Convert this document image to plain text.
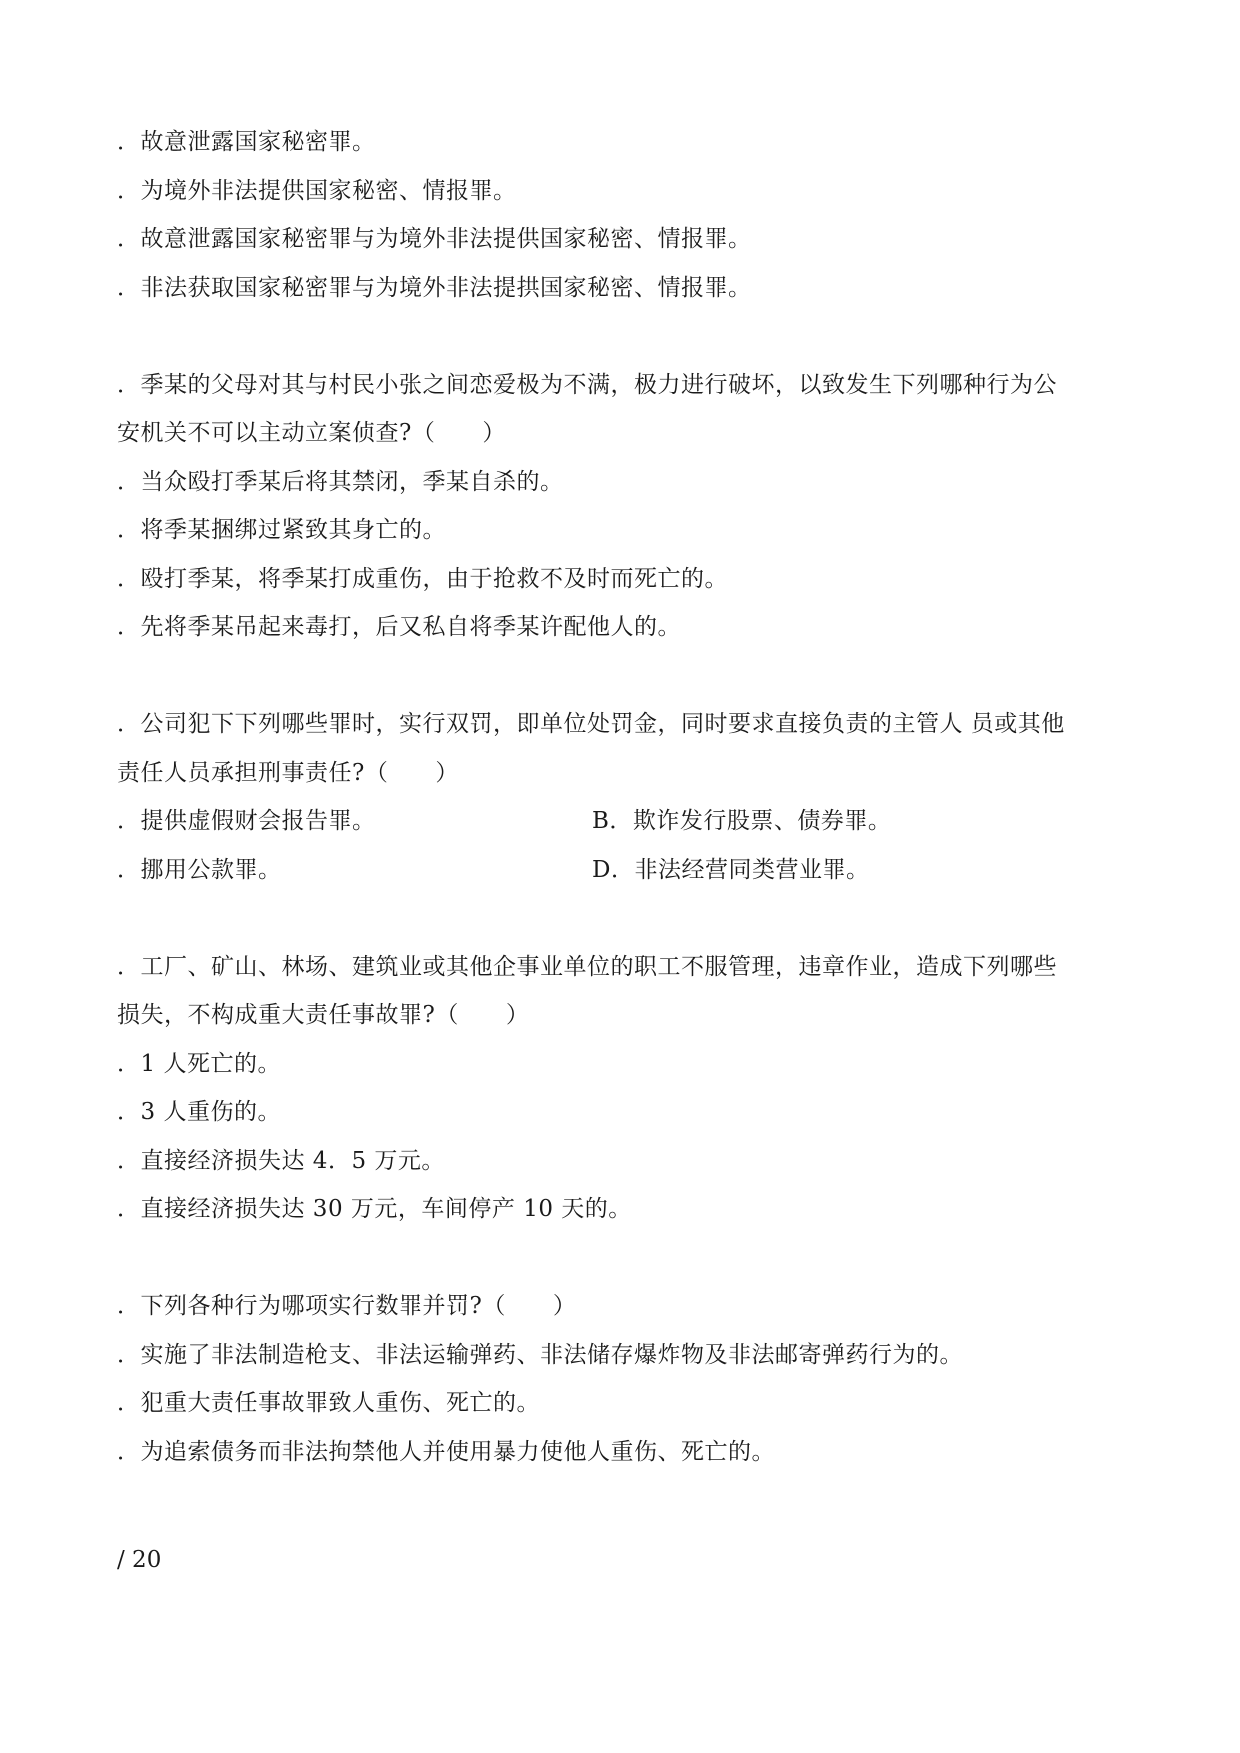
．故意泄露国家秘密罪。
．为境外非法提供国家秘密、情报罪。
．故意泄露国家秘密罪与为境外非法提供国家秘密、情报罪。
．非法获取国家秘密罪与为境外非法提拱国家秘密、情报罪。
．季某的父母对其与村民小张之间恋爱极为不满，极力进行破坏，以致发生下列哪种行为公
安机关不可以主动立案侦查?（　　）
．当众殴打季某后将其禁闭，季某自杀的。
．将季某捆绑过紧致其身亡的。
．殴打季某，将季某打成重伤，由于抢救不及时而死亡的。
．先将季某吊起来毒打，后又私自将季某许配他人的。
．公司犯下下列哪些罪时，实行双罚，即单位处罚金，同时要求直接负责的主管人 员或其他
责任人员承担刑事责任?（　　）
．提供虚假财会报告罪。	B．欺诈发行股票、债券罪。
．挪用公款罪。	D．非法经营同类营业罪。
．工厂、矿山、林场、建筑业或其他企事业单位的职工不服管理，违章作业，造成下列哪些
损失，不构成重大责任事故罪?（　　）
．1 人死亡的。
．3 人重伤的。
．直接经济损失达 4．5 万元。
．直接经济损失达 30 万元，车间停产 10 天的。
．下列各种行为哪项实行数罪并罚?（　　）
．实施了非法制造枪支、非法运输弹药、非法储存爆炸物及非法邮寄弹药行为的。
．犯重大责任事故罪致人重伤、死亡的。
．为追索债务而非法拘禁他人并使用暴力使他人重伤、死亡的。
/ 20
